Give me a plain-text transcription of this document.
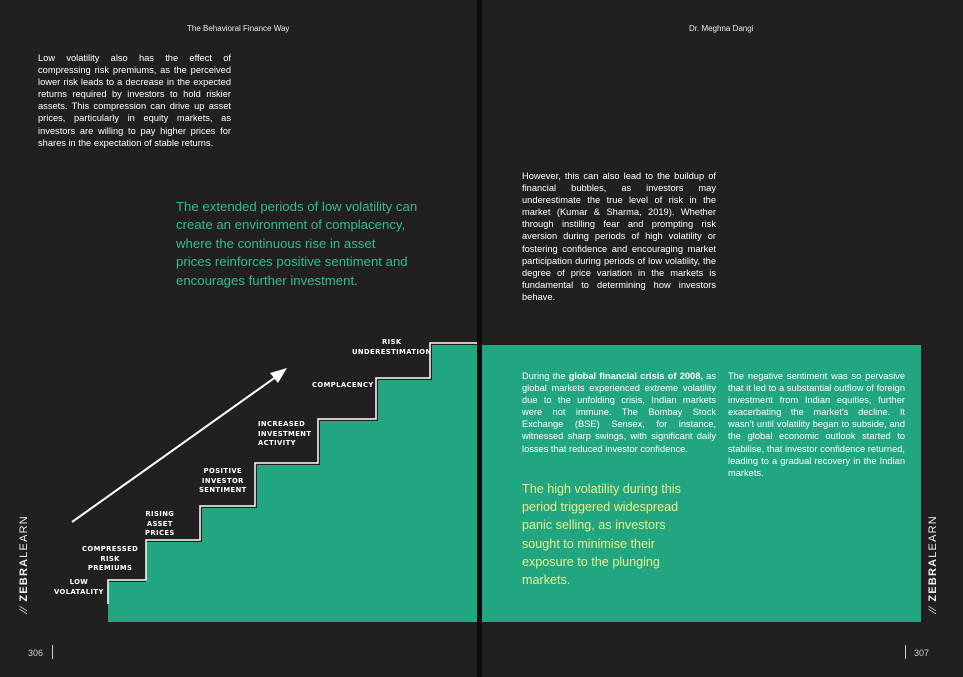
The Behavioral Finance Way

Low volatility also has the effect of compressing risk premiums, as the perceived lower risk leads to a decrease in the expected returns required by investors to hold riskier assets. This compression can drive up asset prices, particularly in equity markets, as investors are willing to pay higher prices for shares in the expectation of stable returns.

The extended periods of low volatility can
create an environment of complacency,
where the continuous rise in asset
prices reinforces positive sentiment and
encourages further investment.
LOW
VOLATALITY
COMPRESSED
RISK
PREMIUMS
RISING
ASSET
PRICES
POSITIVE
INVESTOR
SENTIMENT
INCREASED
INVESTMENT
ACTIVITY
COMPLACENCY
RISK
UNDERESTIMATION
⁄⁄ ZEBRALEARN
306
Dr. Meghna Dangi

However, this can also lead to the buildup of financial bubbles, as investors may underestimate the true level of risk in the market (Kumar & Sharma, 2019). Whether through instilling fear and prompting risk aversion during periods of high volatility or fostering confidence and encouraging market participation during periods of low volatility, the degree of price variation in the markets is fundamental to determining how investors behave.

During the global financial crisis of 2008, as global markets experienced extreme volatility due to the unfolding crisis, Indian markets were not immune. The Bombay Stock Exchange (BSE) Sensex, for instance, witnessed sharp swings, with significant daily losses that reduced investor confidence.

The high volatility during this
period triggered widespread
panic selling, as investors
sought to minimise their
exposure to the plunging
markets.

The negative sentiment was so pervasive that it led to a substantial outflow of foreign investment from Indian equities, further exacerbating the market's decline. It wasn't until volatility began to subside, and the global economic outlook started to stabilise, that investor confidence returned, leading to a gradual recovery in the Indian markets.

⁄⁄ ZEBRALEARN
307
